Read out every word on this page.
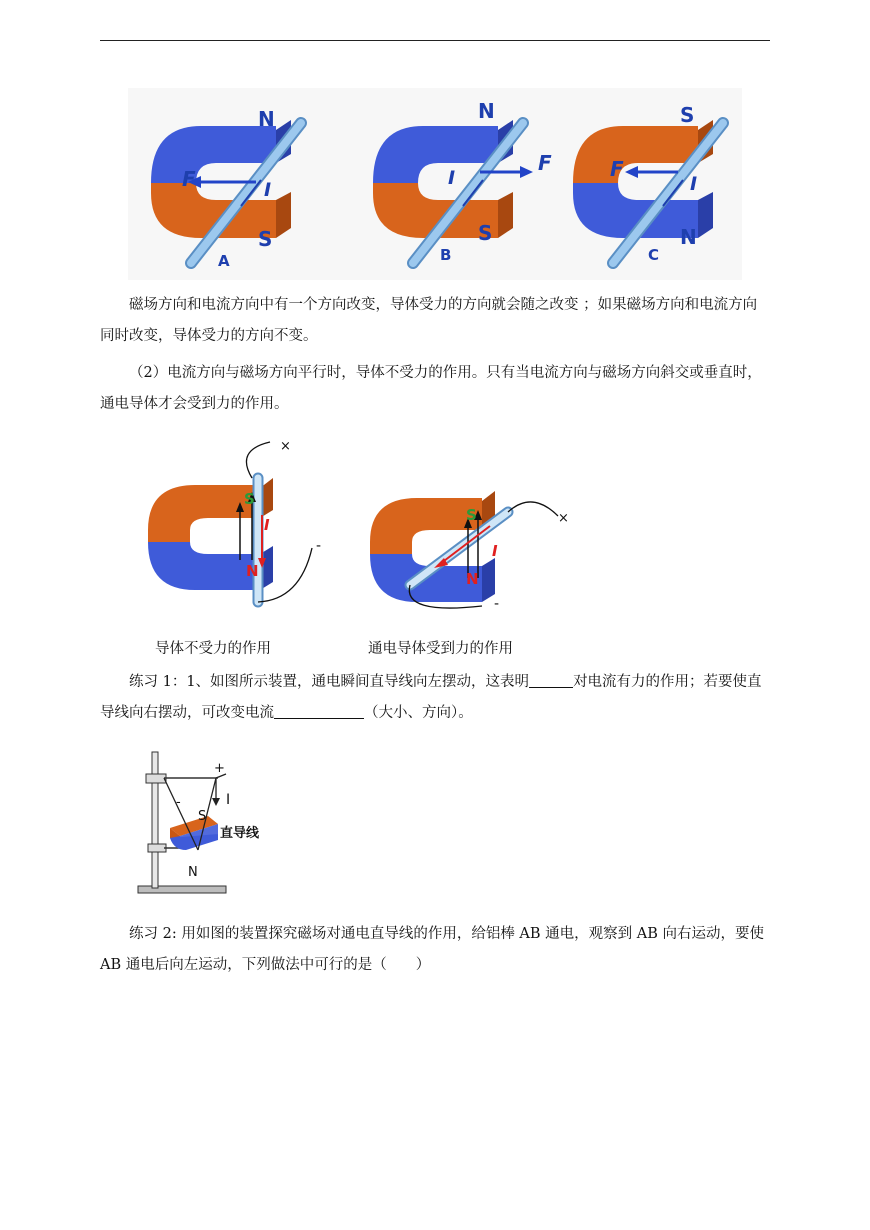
N
S
F	I
A
N
S
F
I
B
S
N
F
I
C

磁场方向和电流方向中有一个方向改变，导体受力的方向就会随之改变 ；如果磁场方向和电流方向同时改变，导体受力的方向不变。

（2）电流方向与磁场方向平行时，导体不受力的作用。只有当电流方向与磁场方向斜交或垂直时，通电导体才会受到力的作用。

×
-
S
N
I	×
-
S
N
I
导体不受力的作用	通电导体受到力的作用

练习 1：1、如图所示装置，通电瞬间直导线向左摆动，这表明	对电流有力的作用；若要使直导线向右摆动，可改变电流	（大小、方向）。

+
-	I
S
N
直导线

练习 2: 用如图的装置探究磁场对通电直导线的作用，给铝棒 AB 通电，观察到 AB 向右运动，要使 AB 通电后向左运动，下列做法中可行的是（　　）
